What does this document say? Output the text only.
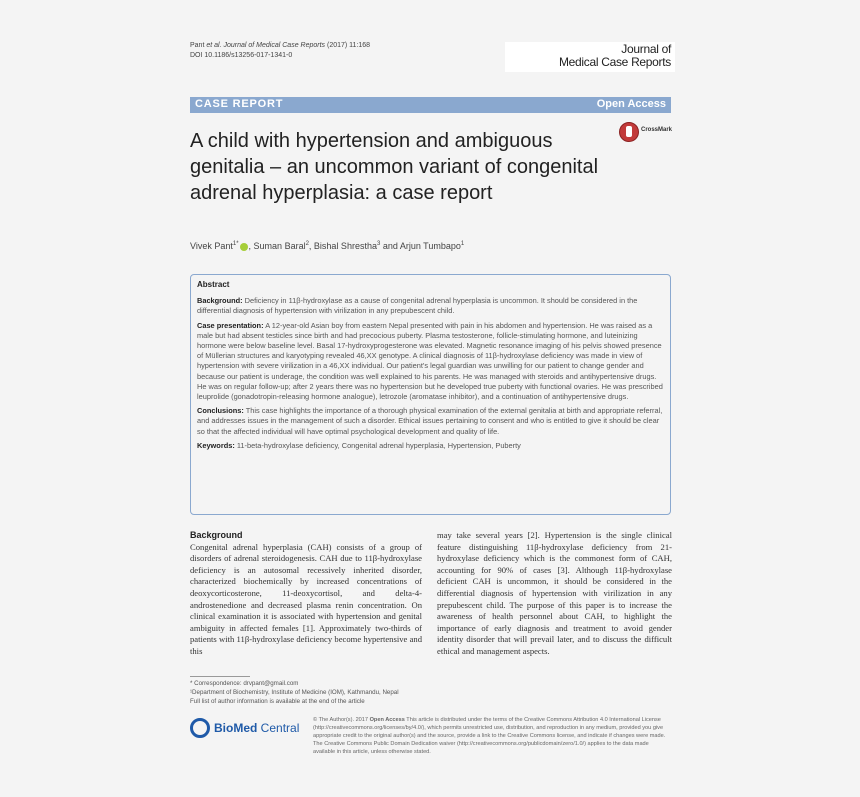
Pant et al. Journal of Medical Case Reports (2017) 11:168
DOI 10.1186/s13256-017-1341-0	Journal of
Medical Case Reports
CASE REPORT	Open Access
A child with hypertension and ambiguous genitalia – an uncommon variant of congenital adrenal hyperplasia: a case report
CrossMark
Vivek Pant$^{1*}$ , Suman Baral$^2$, Bishal Shrestha$^3$ and Arjun Tumbapo$^1$
Abstract
Background: Deficiency in 11β-hydroxylase as a cause of congenital adrenal hyperplasia is uncommon. It should be considered in the differential diagnosis of hypertension with virilization in any prepubescent child.
Case presentation: A 12-year-old Asian boy from eastern Nepal presented with pain in his abdomen and hypertension. He was raised as a male but had absent testicles since birth and had precocious puberty. Plasma testosterone, follicle-stimulating hormone, and luteinizing hormone were below baseline level. Basal 17-hydroxyprogesterone was elevated. Magnetic resonance imaging of his pelvis showed presence of Müllerian structures and karyotyping revealed 46,XX genotype. A clinical diagnosis of 11β-hydroxylase deficiency was made in view of hypertension with severe virilization in a 46,XX individual. Our patient's legal guardian was unwilling for our patient to change gender and because our patient is underage, the condition was well explained to his parents. He was managed with steroids and antihypertensive drugs. He was on regular follow-up; after 2 years there was no hypertension but he developed true puberty with functional ovaries. He was prescribed leuprolide (gonadotropin-releasing hormone analogue), letrozole (aromatase inhibitor), and a continuation of antihypertensive drugs.
Conclusions: This case highlights the importance of a thorough physical examination of the external genitalia at birth and appropriate referral, and addresses issues in the management of such a disorder. Ethical issues pertaining to consent and who is entitled to give it should be clear so that the affected individual will have optimal psychological development and quality of life.
Keywords: 11-beta-hydroxylase deficiency, Congenital adrenal hyperplasia, Hypertension, Puberty
Background

Congenital adrenal hyperplasia (CAH) consists of a group of disorders of adrenal steroidogenesis. CAH due to 11β-hydroxylase deficiency is an autosomal recessively inherited disorder, characterized biochemically by increased concentrations of deoxycorticosterone, 11-deoxycortisol, and delta-4-androstenedione and decreased plasma renin concentration. On clinical examination it is associated with hypertension and genital ambiguity in affected females [1]. Approximately two-thirds of patients with 11β-hydroxylase deficiency become hypertensive and this

may take several years [2]. Hypertension is the single clinical feature distinguishing 11β-hydroxylase deficiency from 21-hydroxylase deficiency which is the commonest form of CAH, accounting for 90% of cases [3]. Although 11β-hydroxylase deficient CAH is uncommon, it should be considered in the differential diagnosis of hypertension with virilization in any prepubescent child. The purpose of this paper is to increase the awareness of health personnel about CAH, to highlight the importance of early diagnosis and treatment to avoid gender identity disorder that will prevail later, and to discuss the difficult ethical and management aspects.

* Correspondence: drvpant@gmail.com
¹Department of Biochemistry, Institute of Medicine (IOM), Kathmandu, Nepal
Full list of author information is available at the end of the article
BioMed Central
© The Author(s). 2017 Open Access This article is distributed under the terms of the Creative Commons Attribution 4.0 International License (http://creativecommons.org/licenses/by/4.0/), which permits unrestricted use, distribution, and reproduction in any medium, provided you give appropriate credit to the original author(s) and the source, provide a link to the Creative Commons license, and indicate if changes were made. The Creative Commons Public Domain Dedication waiver (http://creativecommons.org/publicdomain/zero/1.0/) applies to the data made available in this article, unless otherwise stated.
